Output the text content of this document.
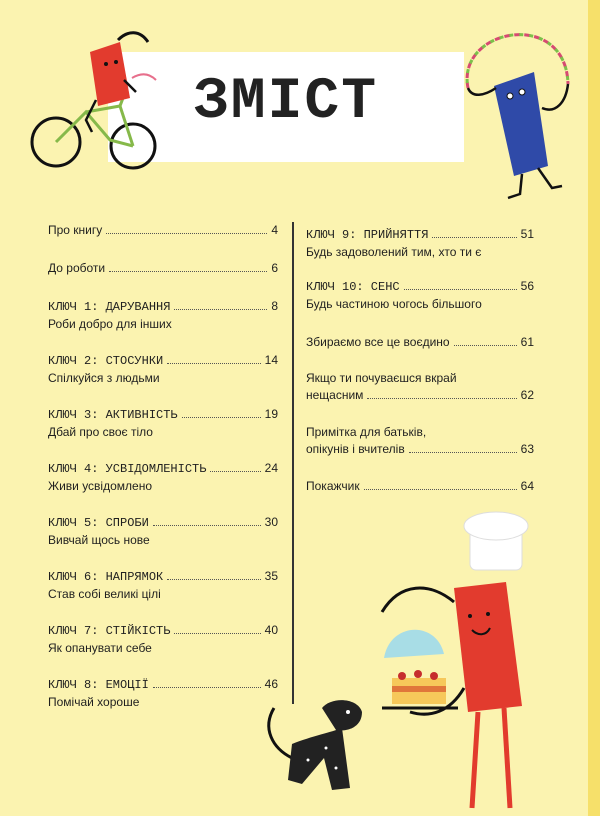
ЗМІСТ
Про книгу	4
До роботи	6
КЛЮЧ 1: ДАРУВАННЯ	8
Роби добро для інших
КЛЮЧ 2: СТОСУНКИ	14
Спілкуйся з людьми
КЛЮЧ 3: АКТИВНІСТЬ	19
Дбай про своє тіло
КЛЮЧ 4: УСВІДОМЛЕНІСТЬ	24
Живи усвідомлено
КЛЮЧ 5: СПРОБИ	30
Вивчай щось нове
КЛЮЧ 6: НАПРЯМОК	35
Став собі великі цілі
КЛЮЧ 7: СТІЙКІСТЬ	40
Як опанувати себе
КЛЮЧ 8: ЕМОЦІЇ	46
Помічай хороше
КЛЮЧ 9: ПРИЙНЯТТЯ	51
Будь задоволений тим, хто ти є
КЛЮЧ 10: СЕНС	56
Будь частиною чогось більшого
Збираємо все це воєдино	61
Якщо ти почуваєшся вкрай
нещасним	62
Примітка для батьків,
опікунів і вчителів	63
Покажчик	64
